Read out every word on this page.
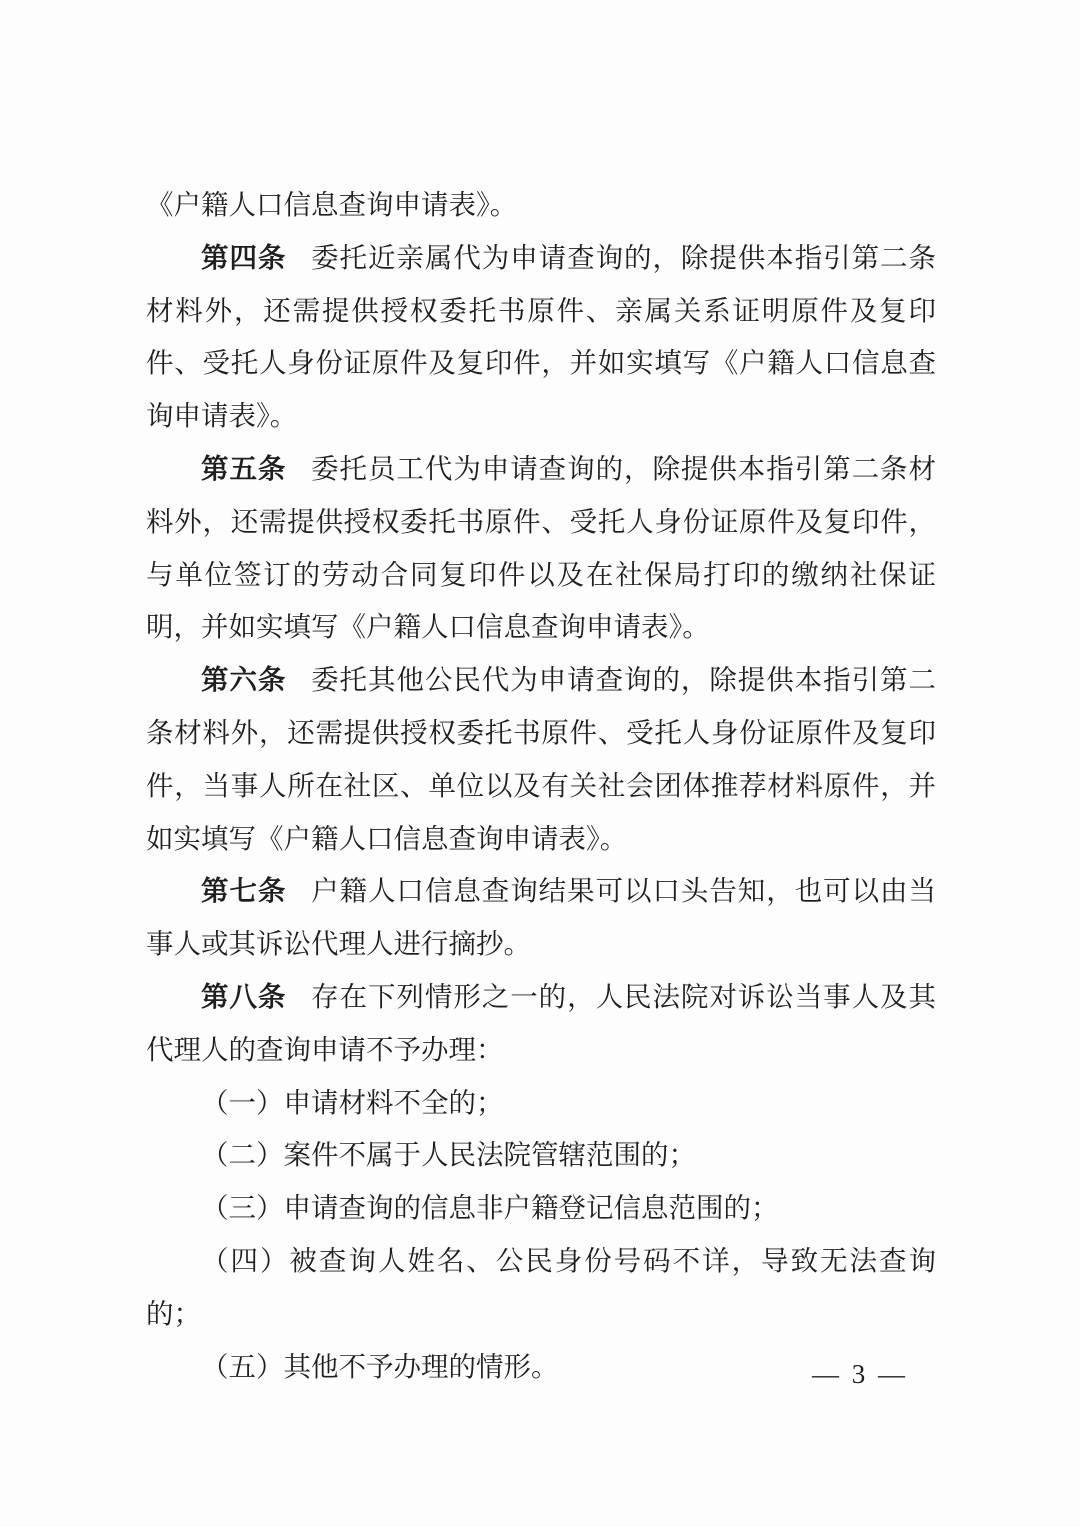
《户籍人口信息查询申请表》。

第四条 委托近亲属代为申请查询的，除提供本指引第二条材料外，还需提供授权委托书原件、亲属关系证明原件及复印件、受托人身份证原件及复印件，并如实填写《户籍人口信息查询申请表》。

第五条 委托员工代为申请查询的，除提供本指引第二条材料外，还需提供授权委托书原件、受托人身份证原件及复印件，与单位签订的劳动合同复印件以及在社保局打印的缴纳社保证明，并如实填写《户籍人口信息查询申请表》。

第六条 委托其他公民代为申请查询的，除提供本指引第二条材料外，还需提供授权委托书原件、受托人身份证原件及复印件，当事人所在社区、单位以及有关社会团体推荐材料原件，并如实填写《户籍人口信息查询申请表》。

第七条 户籍人口信息查询结果可以口头告知，也可以由当事人或其诉讼代理人进行摘抄。

第八条 存在下列情形之一的，人民法院对诉讼当事人及其代理人的查询申请不予办理：

（一）申请材料不全的；

（二）案件不属于人民法院管辖范围的；

（三）申请查询的信息非户籍登记信息范围的；

（四）被查询人姓名、公民身份号码不详，导致无法查询的；

（五）其他不予办理的情形。	— 3 —
